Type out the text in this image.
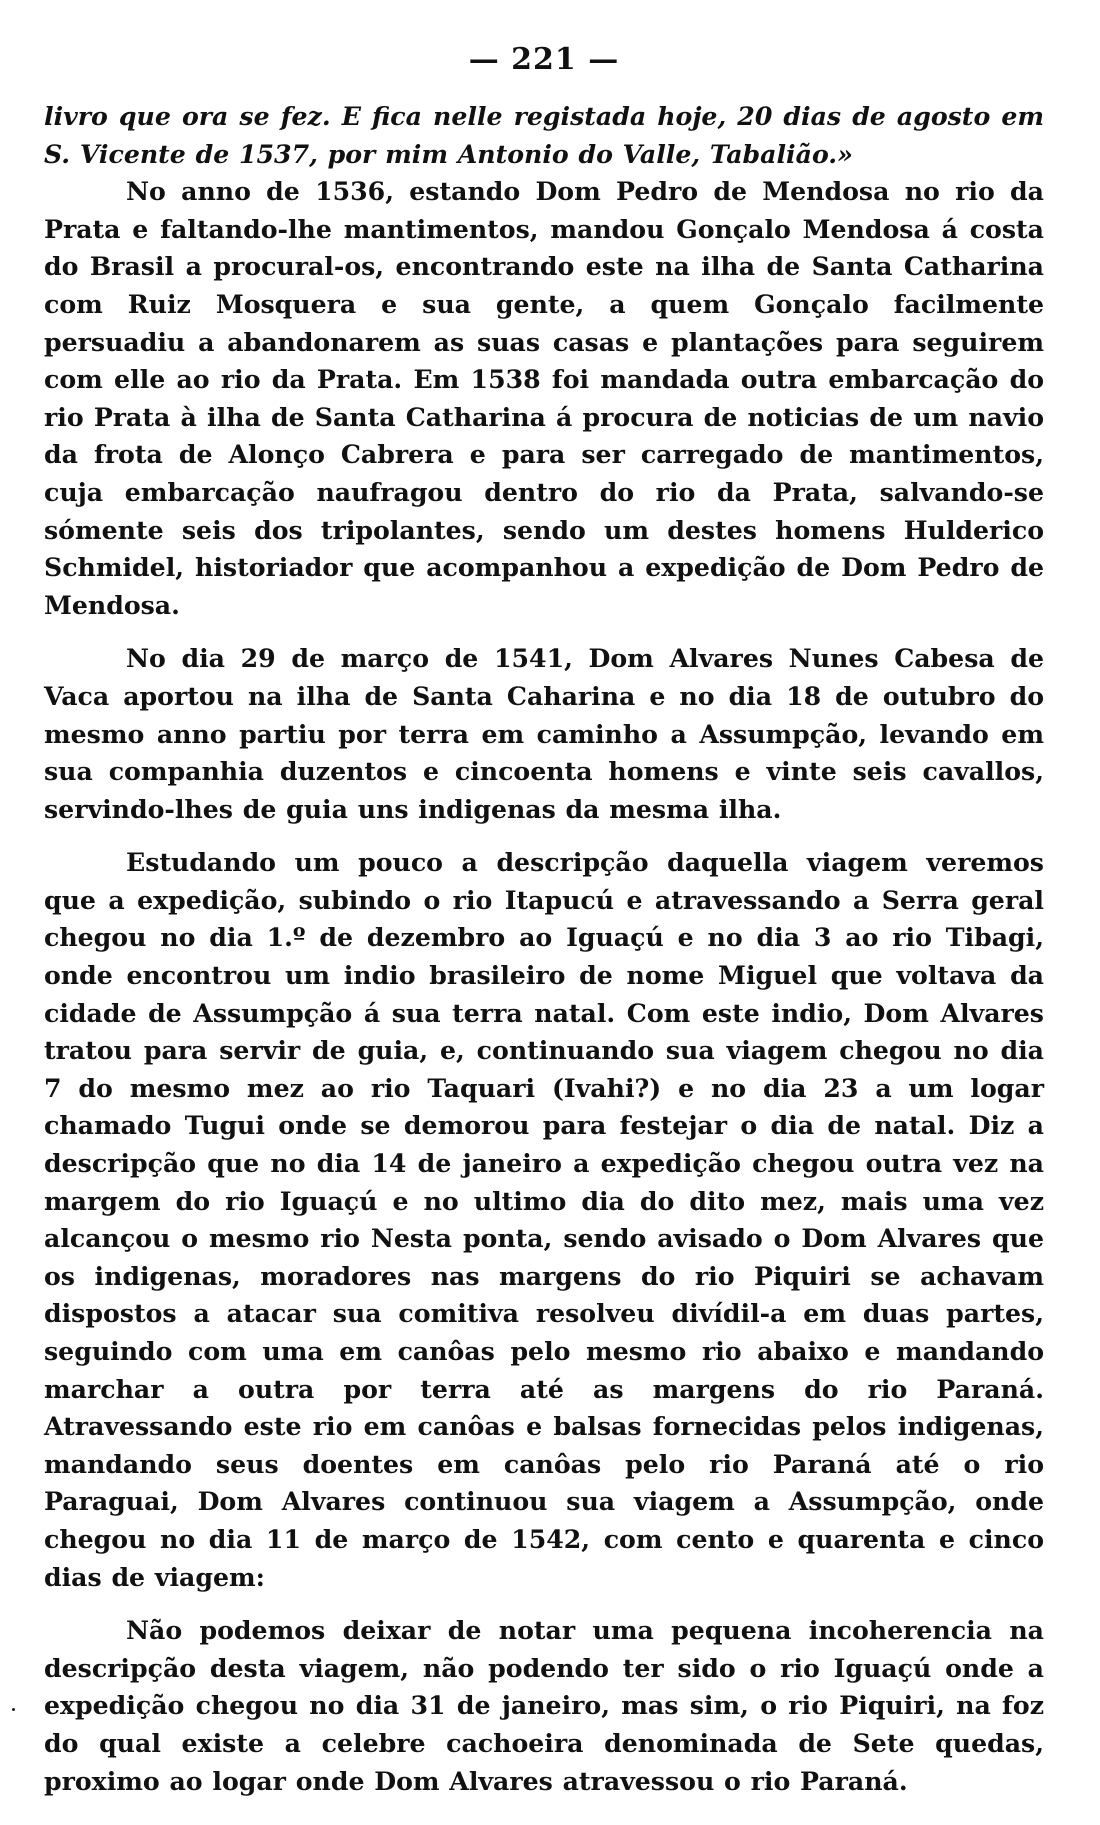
— 221 —

livro que ora se fez. E fica nelle registada hoje, 20 dias de agosto em S. Vicente de 1537, por mim Antonio do Valle, Tabalião.»

No anno de 1536, estando Dom Pedro de Mendosa no rio da Prata e faltando-lhe mantimentos, mandou Gonçalo Mendosa á costa do Brasil a procural-os, encontrando este na ilha de Santa Catharina com Ruiz Mosquera e sua gente, a quem Gonçalo facilmente persuadiu a abandonarem as suas casas e plantações para seguirem com elle ao rio da Prata. Em 1538 foi mandada outra embarcação do rio Prata à ilha de Santa Catharina á procura de noticias de um navio da frota de Alonço Cabrera e para ser carregado de mantimentos, cuja embarcação naufragou dentro do rio da Prata, salvando-se sómente seis dos tripolantes, sendo um destes homens Hulderico Schmidel, historiador que acompanhou a expedição de Dom Pedro de Mendosa.

No dia 29 de março de 1541, Dom Alvares Nunes Cabesa de Vaca aportou na ilha de Santa Caharina e no dia 18 de outubro do mesmo anno partiu por terra em caminho a Assumpção, levando em sua companhia duzentos e cincoenta homens e vinte seis cavallos, servindo-lhes de guia uns indigenas da mesma ilha.

Estudando um pouco a descripção daquella viagem veremos que a expedição, subindo o rio Itapucú e atravessando a Serra geral chegou no dia 1.º de dezembro ao Iguaçú e no dia 3 ao rio Tibagi, onde encontrou um indio brasileiro de nome Miguel que voltava da cidade de Assumpção á sua terra natal. Com este indio, Dom Alvares tratou para servir de guia, e, continuando sua viagem chegou no dia 7 do mesmo mez ao rio Taquari (Ivahi?) e no dia 23 a um logar chamado Tugui onde se demorou para festejar o dia de natal. Diz a descripção que no dia 14 de janeiro a expedição chegou outra vez na margem do rio Iguaçú e no ultimo dia do dito mez, mais uma vez alcançou o mesmo rio Nesta ponta, sendo avisado o Dom Alvares que os indigenas, moradores nas margens do rio Piquiri se achavam dispostos a atacar sua comitiva resolveu divídil-a em duas partes, seguindo com uma em canôas pelo mesmo rio abaixo e mandando marchar a outra por terra até as margens do rio Paraná. Atravessando este rio em canôas e balsas fornecidas pelos indigenas, mandando seus doentes em canôas pelo rio Paraná até o rio Paraguai, Dom Alvares continuou sua viagem a Assumpção, onde chegou no dia 11 de março de 1542, com cento e quarenta e cinco dias de viagem:

Não podemos deixar de notar uma pequena incoherencia na descripção desta viagem, não podendo ter sido o rio Iguaçú onde a expedição chegou no dia 31 de janeiro, mas sim, o rio Piquiri, na foz do qual existe a celebre cachoeira denominada de Sete quedas, proximo ao logar onde Dom Alvares atravessou o rio Paraná.
